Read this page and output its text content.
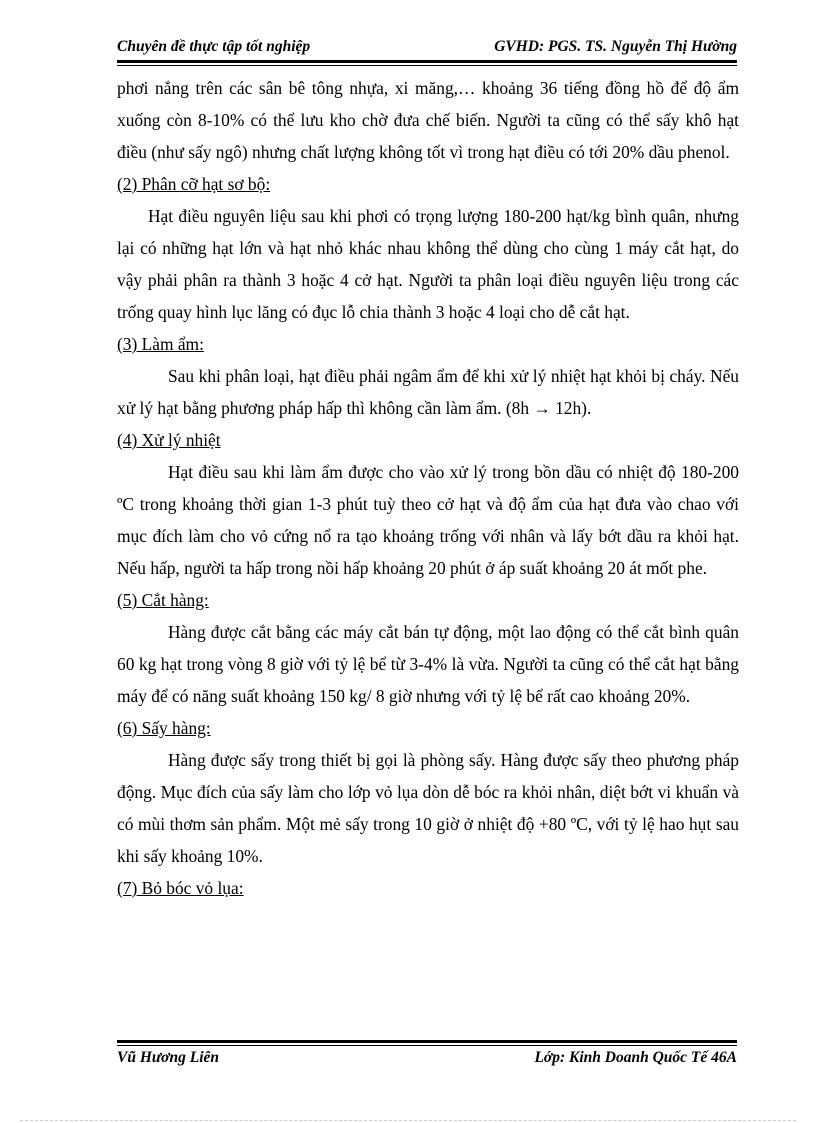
Chuyên đề thực tập tốt nghiệp	GVHD: PGS. TS. Nguyễn Thị Hường

phơi nắng trên các sân bê tông nhựa, xi măng,… khoảng 36 tiếng đồng hồ để độ ẩm xuống còn 8-10% có thể lưu kho chờ đưa chế biến. Người ta cũng có thể sấy khô hạt điều (như sấy ngô) nhưng chất lượng không tốt vì trong hạt điều có tới 20% dầu phenol.

(2) Phân cỡ hạt sơ bộ:

Hạt điều nguyên liệu sau khi phơi có trọng lượng 180-200 hạt/kg bình quân, nhưng lại có những hạt lớn và hạt nhỏ khác nhau không thể dùng cho cùng 1 máy cắt hạt, do vậy phải phân ra thành 3 hoặc 4 cở hạt. Người ta phân loại điều nguyên liệu trong các trống quay hình lục lăng có đục lỗ chia thành 3 hoặc 4 loại cho dễ cắt hạt.

(3) Làm ẩm:

Sau khi phân loại, hạt điều phải ngâm ẩm để khi xử lý nhiệt hạt khỏi bị cháy. Nếu xử lý hạt bằng phương pháp hấp thì không cần làm ẩm. (8h → 12h).

(4) Xử lý nhiệt

Hạt điều sau khi làm ẩm được cho vào xử lý trong bồn dầu có nhiệt độ 180-200 ºC trong khoảng thời gian 1-3 phút tuỳ theo cở hạt và độ ẩm của hạt đưa vào chao với mục đích làm cho vỏ cứng nổ ra tạo khoảng trống với nhân và lấy bớt dầu ra khỏi hạt. Nếu hấp, người ta hấp trong nồi hấp khoảng 20 phút ở áp suất khoảng 20 át mốt phe.

(5) Cắt hàng:

Hàng được cắt bằng các máy cắt bán tự động, một lao động có thể cắt bình quân 60 kg hạt trong vòng 8 giờ với tỷ lệ bể từ 3-4% là vừa. Người ta cũng có thể cắt hạt bằng máy để có năng suất khoảng 150 kg/ 8 giờ nhưng với tỷ lệ bể rất cao khoảng 20%.

(6) Sấy hàng:

Hàng được sấy trong thiết bị gọi là phòng sấy. Hàng được sấy theo phương pháp động. Mục đích của sấy làm cho lớp vỏ lụa dòn dễ bóc ra khỏi nhân, diệt bớt vi khuẩn và có mùi thơm sản phẩm. Một mẻ sấy trong 10 giờ ở nhiệt độ +80 ºC, với tỷ lệ hao hụt sau khi sấy khoảng 10%.

(7) Bỏ bóc vỏ lụa:

Vũ Hương Liên	Lớp: Kinh Doanh Quốc Tế 46A
